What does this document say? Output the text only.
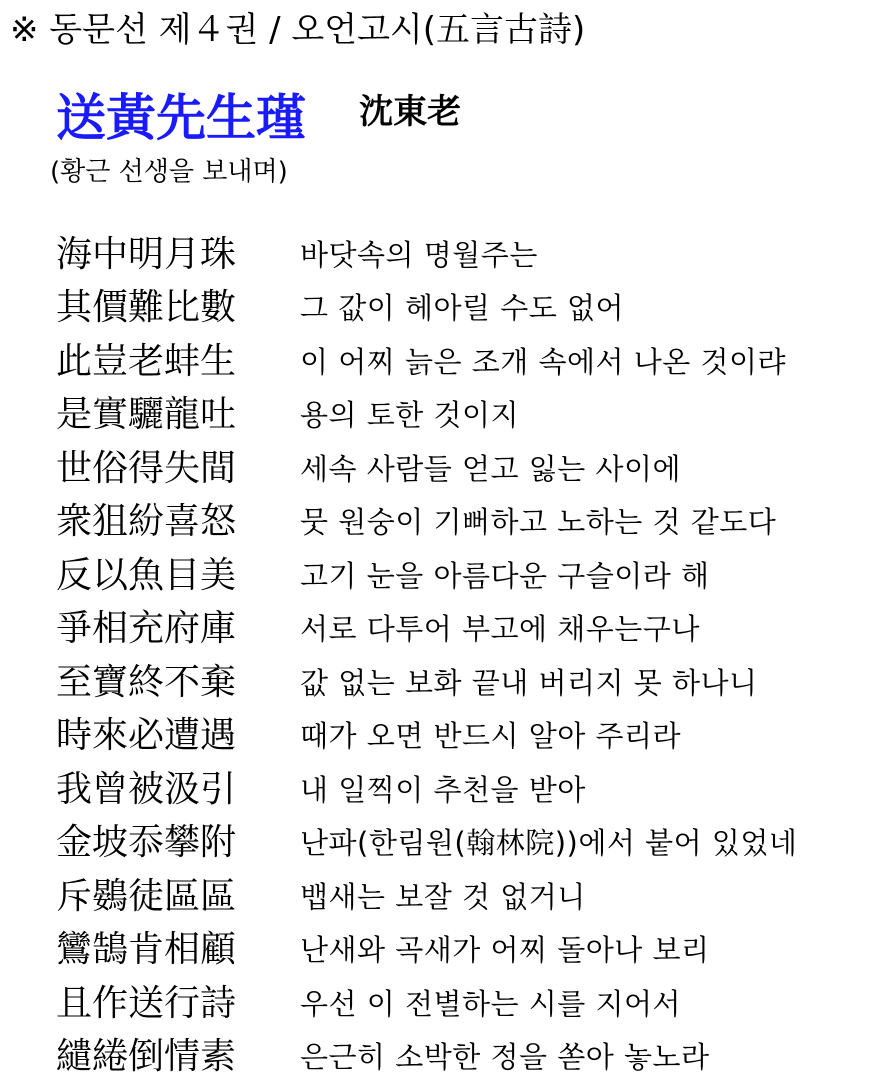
※ 동문선 제４권 / 오언고시(五言古詩)
送黃先生瑾 沈東老
(황근 선생을 보내며)
海中明月珠	바닷속의 명월주는
其價難比數	그 값이 헤아릴 수도 없어
此豈老蚌生	이 어찌 늙은 조개 속에서 나온 것이랴
是實驪龍吐	용의 토한 것이지
世俗得失間	세속 사람들 얻고 잃는 사이에
衆狙紛喜怒	뭇 원숭이 기뻐하고 노하는 것 같도다
反以魚目美	고기 눈을 아름다운 구슬이라 해
爭相充府庫	서로 다투어 부고에 채우는구나
至寶終不棄	값 없는 보화 끝내 버리지 못 하나니
時來必遭遇	때가 오면 반드시 알아 주리라
我曾被汲引	내 일찍이 추천을 받아
金坡忝攀附	난파(한림원(翰林院))에서 붙어 있었네
斥鷃徒區區	뱁새는 보잘 것 없거니
鸞鵠肯相顧	난새와 곡새가 어찌 돌아나 보리
且作送行詩	우선 이 전별하는 시를 지어서
繾綣倒情素	은근히 소박한 정을 쏟아 놓노라
